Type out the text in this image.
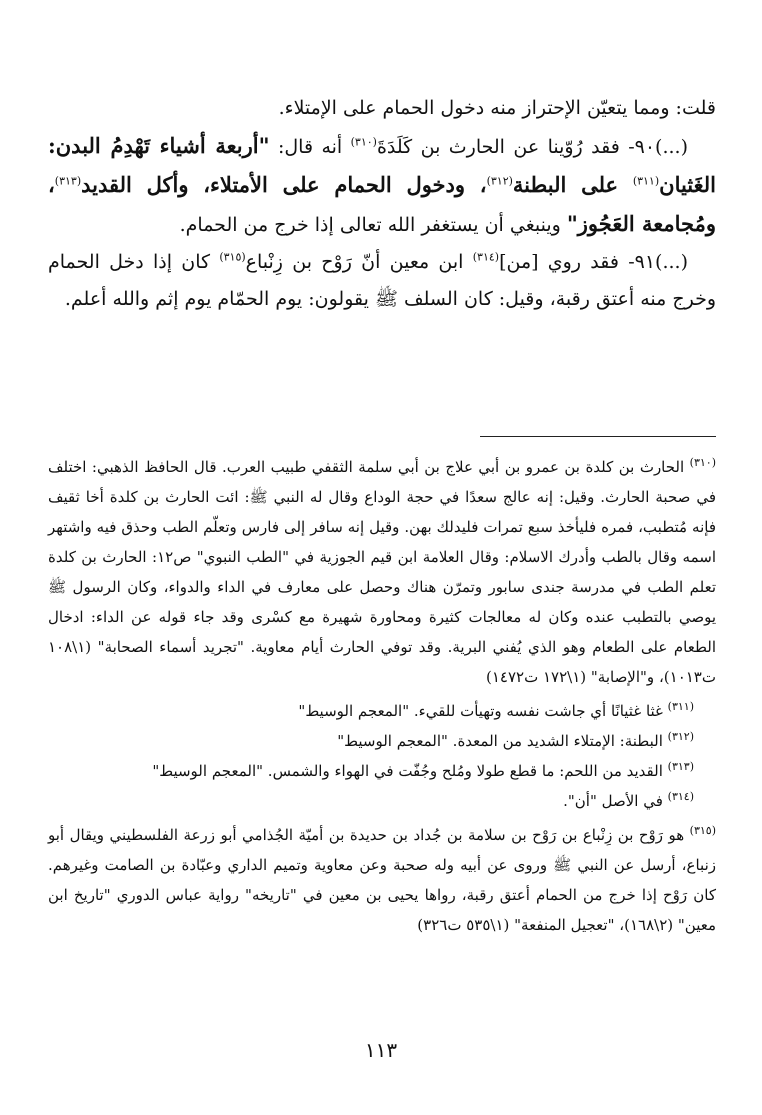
قلت: ومما يتعيّن الإحتراز منه دخول الحمام على الإمتلاء.

(...)٩٠- فقد رُوّينا عن الحارث بن كَلَدَةَ$^{(٣١٠)}$ أنه قال: "أربعة أشياء تَهْدِمُ البدن: الغَثيان$^{(٣١١)}$ على البطنة$^{(٣١٢)}$، ودخول الحمام على الأمتلاء، وأكل القديد$^{(٣١٣)}$، ومُجامعة العَجُوز" وينبغي أن يستغفر الله تعالى إذا خرج من الحمام.

(...)٩١- فقد روي [من]$^{(٣١٤)}$ ابن معين أنّ رَوْح بن زِنْباع$^{(٣١٥)}$ كان إذا دخل الحمام وخرج منه أعتق رقبة، وقيل: كان السلف ﷺ يقولون: يوم الحمّام يوم إثم والله أعلم.

$^{(٣١٠)}$ الحارث بن كلدة بن عمرو بن أبي علاج بن أبي سلمة الثقفي طبيب العرب. قال الحافظ الذهبي: اختلف في صحبة الحارث. وقيل: إنه عالج سعدًا في حجة الوداع وقال له النبي ﷺ: ائت الحارث بن كلدة أخا ثقيف فإنه مُتطبب، فمره فليأخذ سبع تمرات فليدلك بهن. وقيل إنه سافر إلى فارس وتعلّم الطب وحذق فيه واشتهر اسمه وقال بالطب وأدرك الاسلام: وقال العلامة ابن قيم الجوزية في "الطب النبوي" ص١٢: الحارث بن كلدة تعلم الطب في مدرسة جندى سابور وتمرّن هناك وحصل على معارف في الداء والدواء، وكان الرسول ﷺ يوصي بالتطبب عنده وكان له معالجات كثيرة ومحاورة شهيرة مع كسْرى وقد جاء قوله عن الداء: ادخال الطعام على الطعام وهو الذي يُفني البرية. وقد توفي الحارث أيام معاوية. "تجريد أسماء الصحابة" (١\١٠٨ ت١٠١٣)، و"الإصابة" (١\١٧٢ ت١٤٧٢)

$^{(٣١١)}$ غثا غثيانًا أي جاشت نفسه وتهيأت للقيء. "المعجم الوسيط"

$^{(٣١٢)}$ البطنة: الإمتلاء الشديد من المعدة. "المعجم الوسيط"

$^{(٣١٣)}$ القديد من اللحم: ما قطع طولا ومُلح وجُفّت في الهواء والشمس. "المعجم الوسيط"

$^{(٣١٤)}$ في الأصل "أن".

$^{(٣١٥)}$ هو رَوْح بن زِنْباع بن رَوْح بن سلامة بن جُداد بن حديدة بن أميّة الجُذامي أبو زرعة الفلسطيني ويقال أبو زنباع، أرسل عن النبي ﷺ وروى عن أبيه وله صحبة وعن معاوية وتميم الداري وعبّادة بن الصامت وغيرهم. كان رَوْح إذا خرج من الحمام أعتق رقبة، رواها يحيى بن معين في "تاريخه" رواية عباس الدوري "تاريخ ابن معين" (٢\١٦٨)، "تعجيل المنفعة" (١\٥٣٥ ت٣٢٦)

١١٣
